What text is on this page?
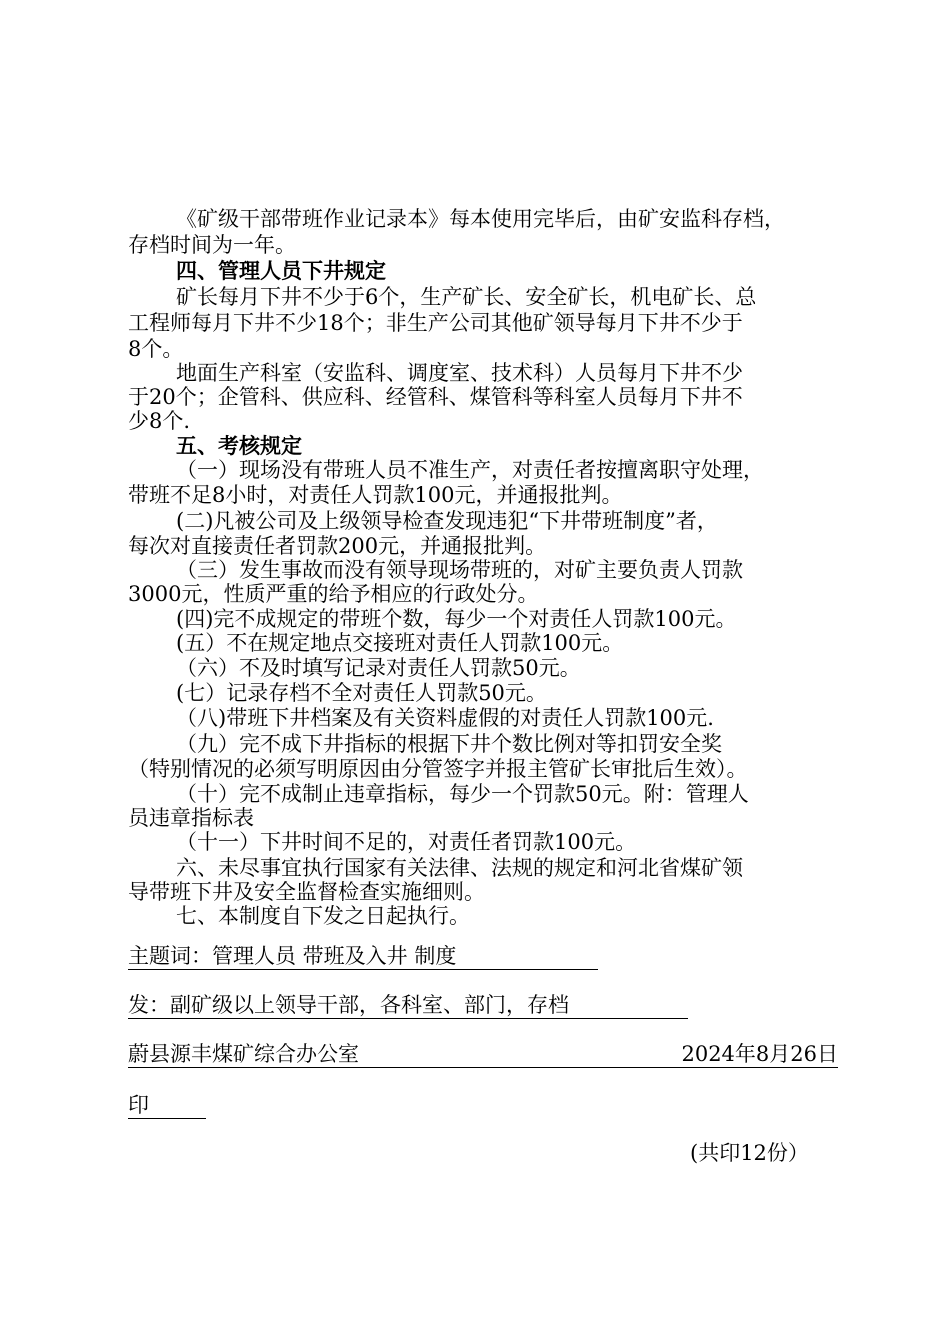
《矿级干部带班作业记录本》每本使用完毕后，由矿安监科存档，
存档时间为一年。
四、管理人员下井规定
矿长每月下井不少于6个，生产矿长、安全矿长，机电矿长、总
工程师每月下井不少18个；非生产公司其他矿领导每月下井不少于
8个。
地面生产科室（安监科、调度室、技术科）人员每月下井不少
于20个；企管科、供应科、经管科、煤管科等科室人员每月下井不
少8个.
五、考核规定
（一）现场没有带班人员不准生产，对责任者按擅离职守处理，
带班不足8小时，对责任人罚款100元，并通报批判。
(二)凡被公司及上级领导检查发现违犯“下井带班制度”者，
每次对直接责任者罚款200元，并通报批判。
（三）发生事故而没有领导现场带班的，对矿主要负责人罚款
3000元，性质严重的给予相应的行政处分。
(四)完不成规定的带班个数，每少一个对责任人罚款100元。
(五）不在规定地点交接班对责任人罚款100元。
（六）不及时填写记录对责任人罚款50元。
(七）记录存档不全对责任人罚款50元。
（八)带班下井档案及有关资料虚假的对责任人罚款100元.
（九）完不成下井指标的根据下井个数比例对等扣罚安全奖
（特别情况的必须写明原因由分管签字并报主管矿长审批后生效）。
（十）完不成制止违章指标，每少一个罚款50元。附：管理人
员违章指标表
（十一）下井时间不足的，对责任者罚款100元。
六、未尽事宜执行国家有关法律、法规的规定和河北省煤矿领
导带班下井及安全监督检查实施细则。
七、本制度自下发之日起执行。
主题词：管理人员 带班及入井 制度
发：副矿级以上领导干部，各科室、部门，存档
蔚县源丰煤矿综合办公室	2024年8月26日
印
(共印12份）
